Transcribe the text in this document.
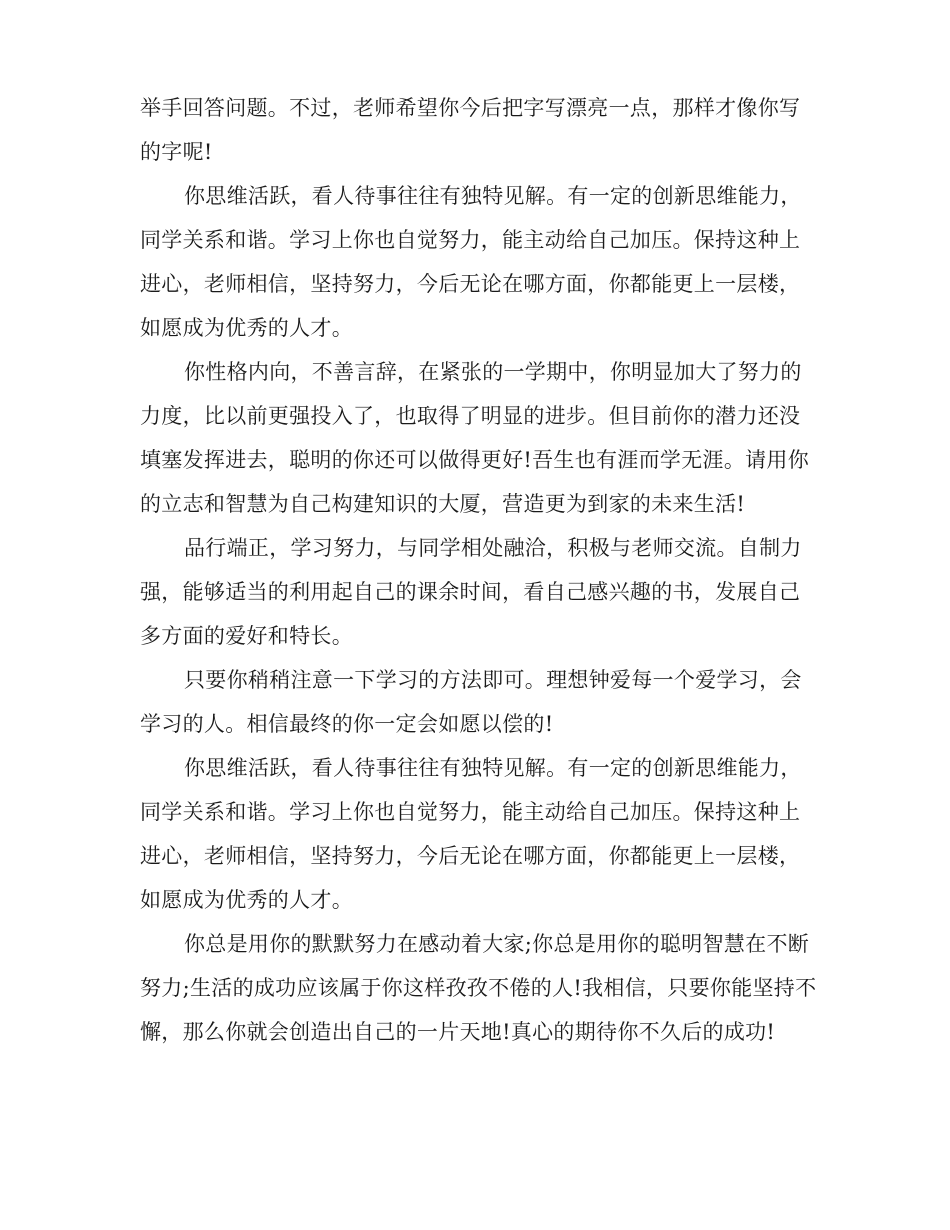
举手回答问题。不过，老师希望你今后把字写漂亮一点，那样才像你写的字呢!

你思维活跃，看人待事往往有独特见解。有一定的创新思维能力，同学关系和谐。学习上你也自觉努力，能主动给自己加压。保持这种上进心，老师相信，坚持努力，今后无论在哪方面，你都能更上一层楼，如愿成为优秀的人才。

你性格内向，不善言辞，在紧张的一学期中，你明显加大了努力的力度，比以前更强投入了，也取得了明显的进步。但目前你的潜力还没填塞发挥进去，聪明的你还可以做得更好!吾生也有涯而学无涯。请用你的立志和智慧为自己构建知识的大厦，营造更为到家的未来生活!

品行端正，学习努力，与同学相处融洽，积极与老师交流。自制力强，能够适当的利用起自己的课余时间，看自己感兴趣的书，发展自己多方面的爱好和特长。

只要你稍稍注意一下学习的方法即可。理想钟爱每一个爱学习，会学习的人。相信最终的你一定会如愿以偿的!

你思维活跃，看人待事往往有独特见解。有一定的创新思维能力，同学关系和谐。学习上你也自觉努力，能主动给自己加压。保持这种上进心，老师相信，坚持努力，今后无论在哪方面，你都能更上一层楼，如愿成为优秀的人才。

你总是用你的默默努力在感动着大家;你总是用你的聪明智慧在不断努力;生活的成功应该属于你这样孜孜不倦的人!我相信，只要你能坚持不懈，那么你就会创造出自己的一片天地!真心的期待你不久后的成功!
